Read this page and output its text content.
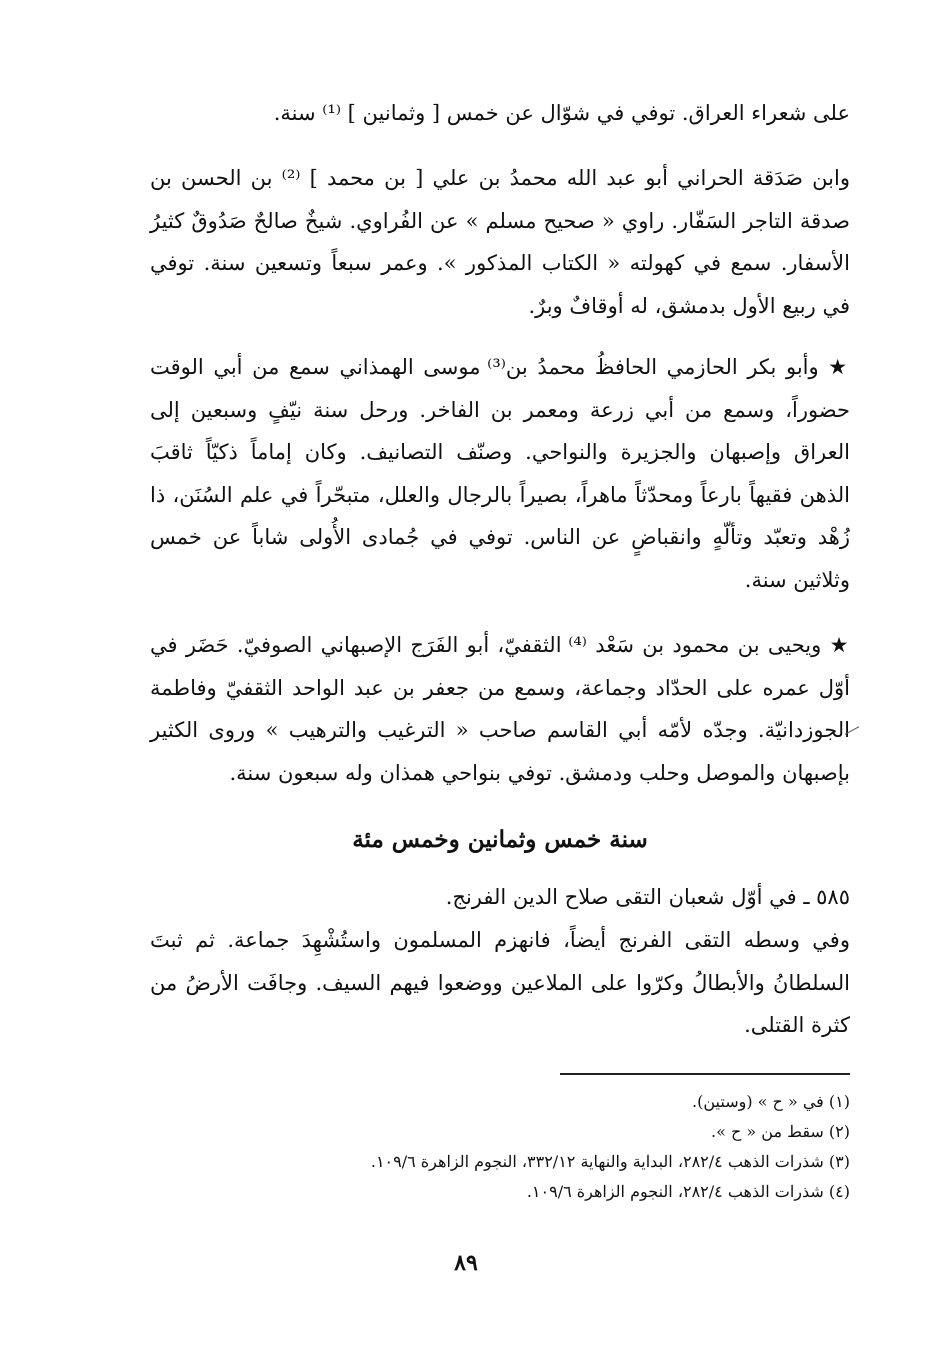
على شعراء العراق. توفي في شوّال عن خمس [ وثمانين ] ⁽¹⁾ سنة.
وابن صَدَقة الحراني أبو عبد الله محمدُ بن علي [ بن محمد ] ⁽²⁾ بن الحسن بن صدقة التاجر السَفّار. راوي « صحيح مسلم » عن الفُراوي. شيخٌ صالحٌ صَدُوقٌ كثيرُ الأسفار. سمع في كهولته « الكتاب المذكور ». وعمر سبعاً وتسعين سنة. توفي في ربيع الأول بدمشق، له أوقافٌ وبرٌ.
★ وأبو بكر الحازمي الحافظُ محمدُ بن⁽³⁾ موسى الهمذاني سمع من أبي الوقت حضوراً، وسمع من أبي زرعة ومعمر بن الفاخر. ورحل سنة نيّفٍ وسبعين إلى العراق وإصبهان والجزيرة والنواحي. وصنّف التصانيف. وكان إماماً ذكيّاً ثاقبَ الذهن فقيهاً بارعاً ومحدّثاً ماهراً، بصيراً بالرجال والعلل، متبحّراً في علم السُنَن، ذا زُهْد وتعبّد وتألّهٍ وانقباضٍ عن الناس. توفي في جُمادى الأُولى شاباً عن خمس وثلاثين سنة.
★ ويحيى بن محمود بن سَعْد ⁽⁴⁾ الثقفيّ، أبو الفَرَج الإصبهاني الصوفيّ. حَضَر في أوّل عمره على الحدّاد وجماعة، وسمع من جعفر بن عبد الواحد الثقفيّ وفاطمة الجوزدانيّة. وجدّه لأمّه أبي القاسم صاحب « الترغيب والترهيب » وروى الكثير بإصبهان والموصل وحلب ودمشق. توفي بنواحي همذان وله سبعون سنة.
سنة خمس وثمانين وخمس مئة
٥٨٥ ـ في أوّل شعبان التقى صلاح الدين الفرنج.
وفي وسطه التقى الفرنج أيضاً، فانهزم المسلمون واستُشْهِدَ جماعة. ثم ثبتَ السلطانُ والأبطالُ وكرّوا على الملاعين ووضعوا فيهم السيف. وجافَت الأرضُ من كثرة القتلى.
(١) في « ح » (وستين).
(٢) سقط من « ح ».
(٣) شذرات الذهب ٢٨٢/٤، البداية والنهاية ٣٣٢/١٢، النجوم الزاهرة ١٠٩/٦.
(٤) شذرات الذهب ٢٨٢/٤، النجوم الزاهرة ١٠٩/٦.
٨٩
